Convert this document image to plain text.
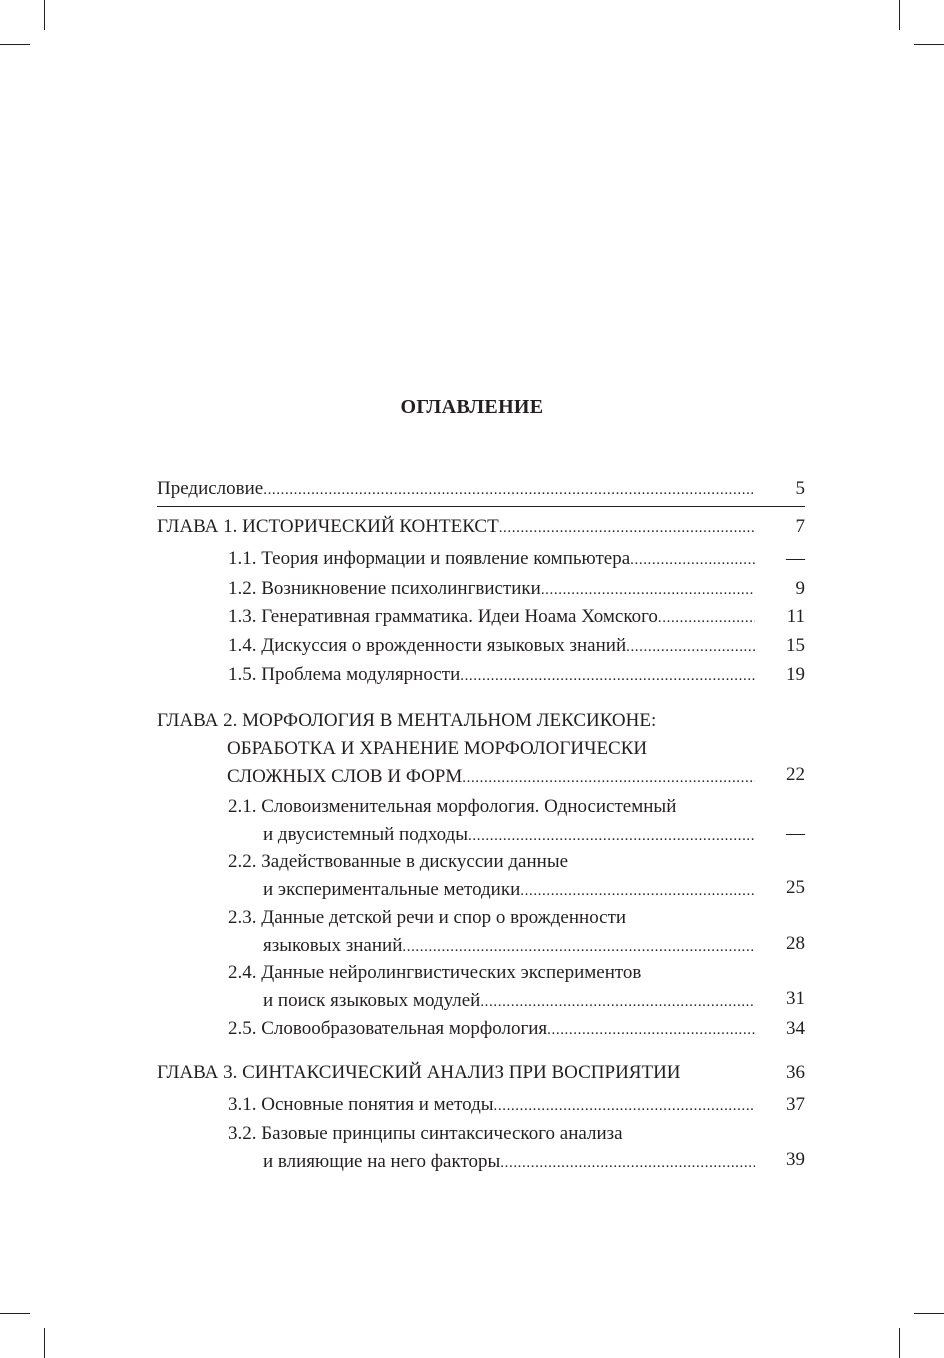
ОГЛАВЛЕНИЕ
Предисловие .....	5
ГЛАВА 1. ИСТОРИЧЕСКИЙ КОНТЕКСТ .....	7
1.1. Теория информации и появление компьютера .....	—
1.2. Возникновение психолингвистики .....	9
1.3. Генеративная грамматика. Идеи Ноама Хомского .....	11
1.4. Дискуссия о врожденности языковых знаний .....	15
1.5. Проблема модулярности .....	19
ГЛАВА 2. МОРФОЛОГИЯ В МЕНТАЛЬНОМ ЛЕКСИКОНЕ:
ОБРАБОТКА И ХРАНЕНИЕ МОРФОЛОГИЧЕСКИ
СЛОЖНЫХ СЛОВ И ФОРМ .....	22
2.1. Словоизменительная морфология. Односистемный
и двусистемный подходы .....	—
2.2. Задействованные в дискуссии данные
и экспериментальные методики .....	25
2.3. Данные детской речи и спор о врожденности
языковых знаний .....	28
2.4. Данные нейролингвистических экспериментов
и поиск языковых модулей .....	31
2.5. Словообразовательная морфология .....	34
ГЛАВА 3. СИНТАКСИЧЕСКИЙ АНАЛИЗ ПРИ ВОСПРИЯТИИ	36
3.1. Основные понятия и методы .....	37
3.2. Базовые принципы синтаксического анализа
и влияющие на него факторы .....	39
